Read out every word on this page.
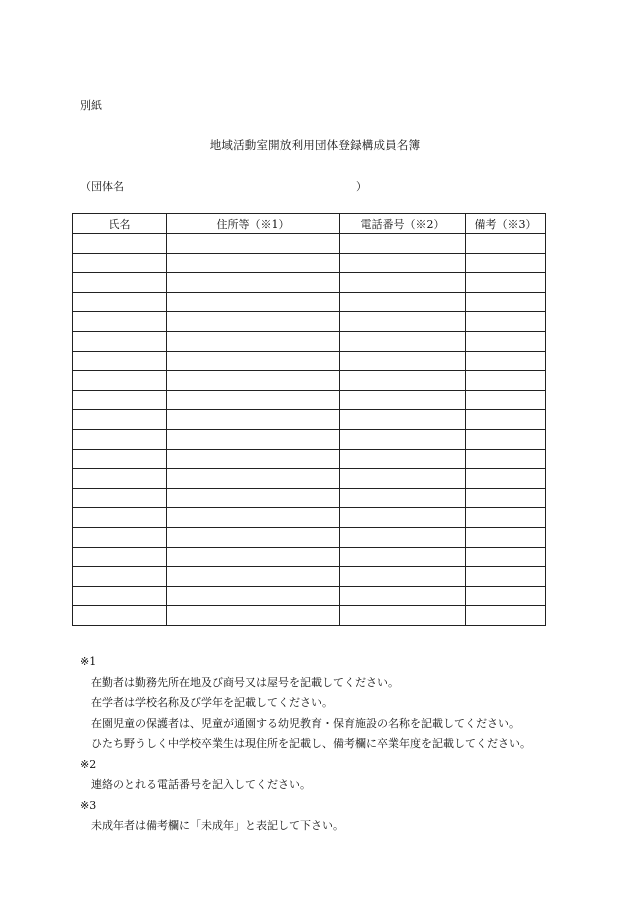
別紙
地域活動室開放利用団体登録構成員名簿
（団体名	）
氏名	住所等（※1）	電話番号（※2）	備考（※3）

※1
在勤者は勤務先所在地及び商号又は屋号を記載してください。
在学者は学校名称及び学年を記載してください。
在園児童の保護者は、児童が通園する幼児教育・保育施設の名称を記載してください。
ひたち野うしく中学校卒業生は現住所を記載し、備考欄に卒業年度を記載してください。
※2
連絡のとれる電話番号を記入してください。
※3
未成年者は備考欄に「未成年」と表記して下さい。
